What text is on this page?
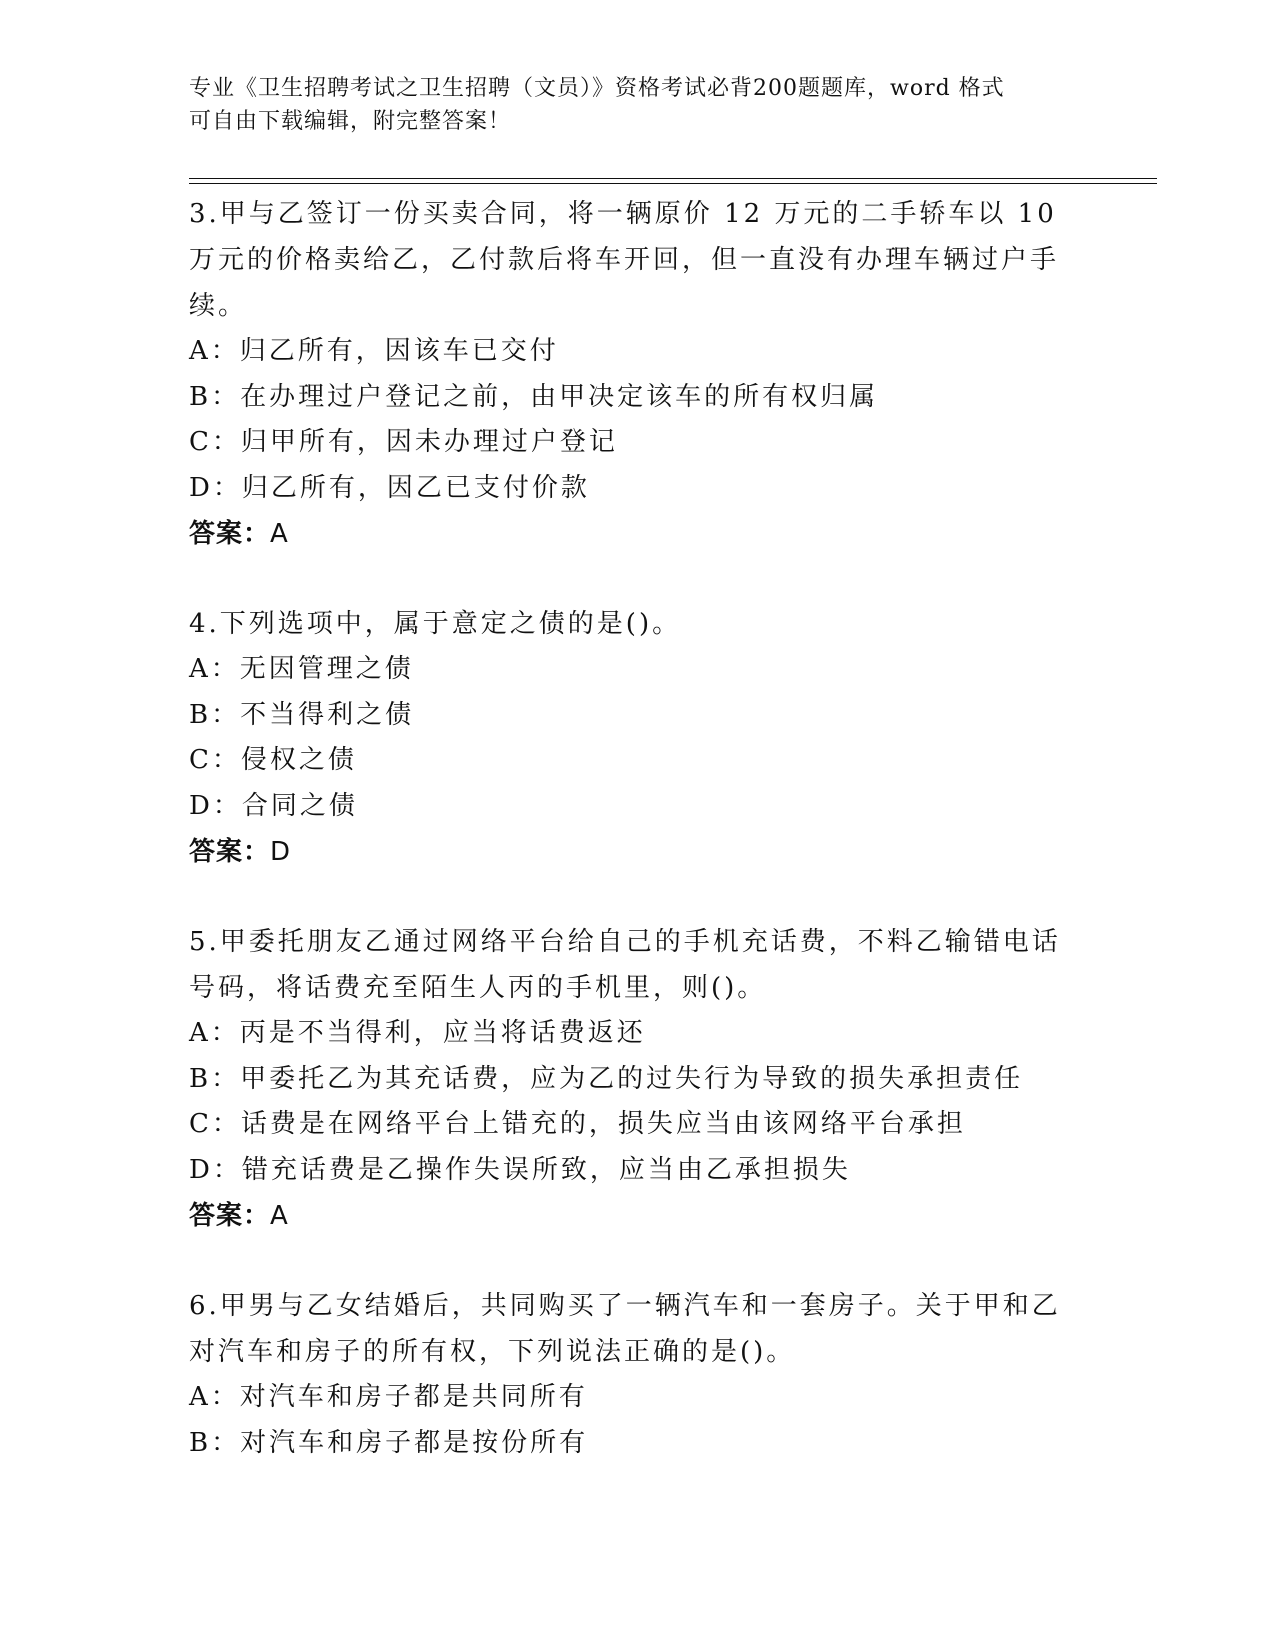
专业《卫生招聘考试之卫生招聘（文员）》资格考试必背200题题库，word 格式
可自由下载编辑，附完整答案！
3.甲与乙签订一份买卖合同，将一辆原价 12 万元的二手轿车以 10 万元的价格卖给乙，乙付款后将车开回，但一直没有办理车辆过户手续。
A：归乙所有，因该车已交付
B：在办理过户登记之前，由甲决定该车的所有权归属
C：归甲所有，因未办理过户登记
D：归乙所有，因乙已支付价款
答案：A
4.下列选项中，属于意定之债的是()。
A：无因管理之债
B：不当得利之债
C：侵权之债
D：合同之债
答案：D
5.甲委托朋友乙通过网络平台给自己的手机充话费，不料乙输错电话号码，将话费充至陌生人丙的手机里，则()。
A：丙是不当得利，应当将话费返还
B：甲委托乙为其充话费，应为乙的过失行为导致的损失承担责任
C：话费是在网络平台上错充的，损失应当由该网络平台承担
D：错充话费是乙操作失误所致，应当由乙承担损失
答案：A
6.甲男与乙女结婚后，共同购买了一辆汽车和一套房子。关于甲和乙对汽车和房子的所有权，下列说法正确的是()。
A：对汽车和房子都是共同所有
B：对汽车和房子都是按份所有
